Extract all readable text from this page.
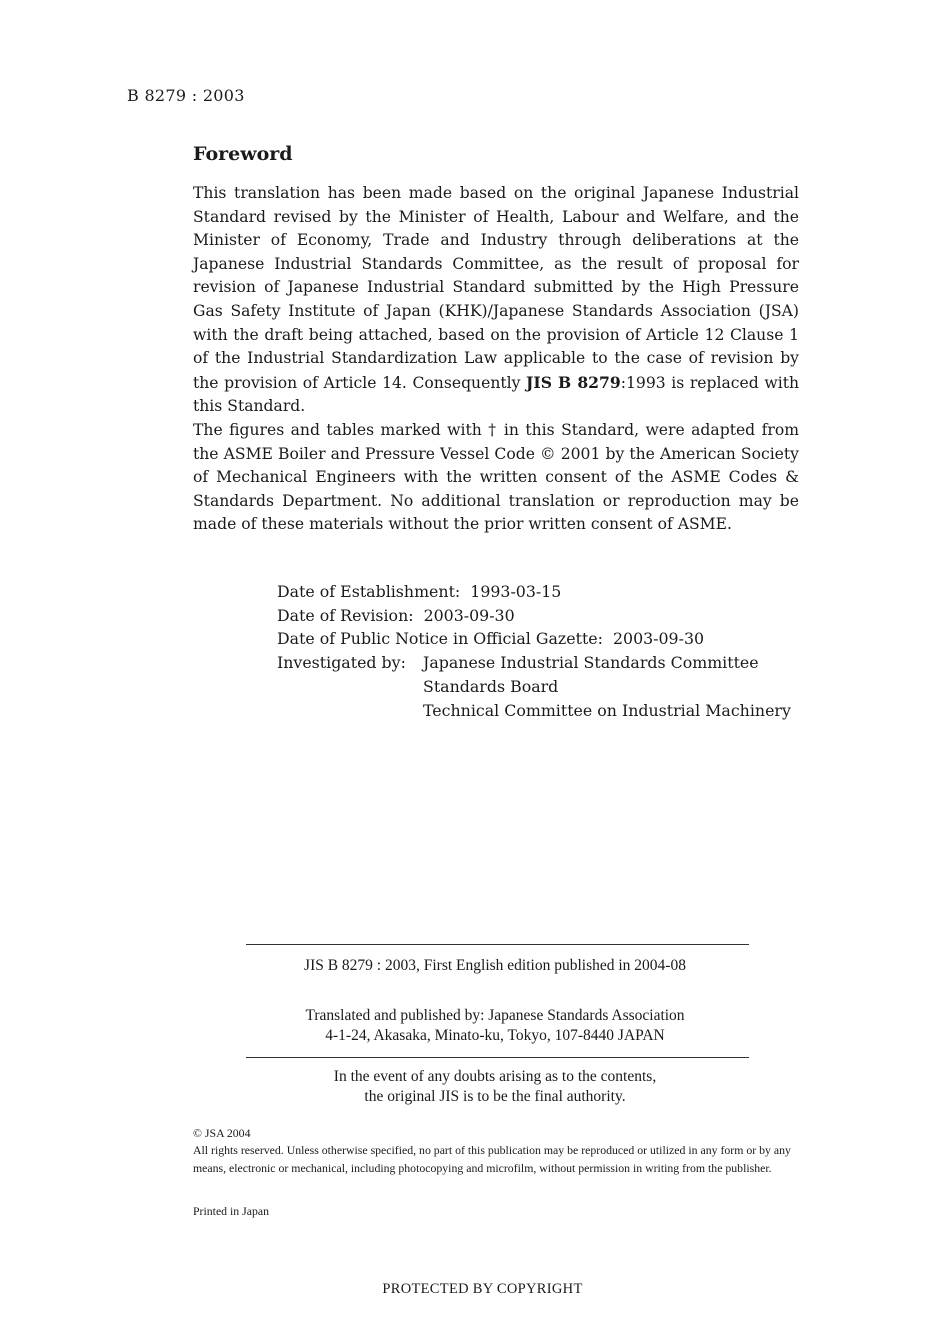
B 8279 : 2003
Foreword

This translation has been made based on the original Japanese Industrial Standard revised by the Minister of Health, Labour and Welfare, and the Minister of Economy, Trade and Industry through deliberations at the Japanese Industrial Standards Committee, as the result of proposal for revision of Japanese Industrial Standard submitted by the High Pressure Gas Safety Institute of Japan (KHK)/Japanese Standards Association (JSA) with the draft being attached, based on the provision of Article 12 Clause 1 of the Industrial Standardization Law applicable to the case of revision by the provision of Article 14. Consequently JIS B 8279:1993 is replaced with this Standard.

The figures and tables marked with † in this Standard, were adapted from the ASME Boiler and Pressure Vessel Code © 2001 by the American Society of Mechanical Engineers with the written consent of the ASME Codes & Standards Department. No additional translation or reproduction may be made of these materials without the prior written consent of ASME.

Date of Establishment: 1993-03-15
Date of Revision: 2003-09-30
Date of Public Notice in Official Gazette: 2003-09-30
Investigated by: Japanese Industrial Standards Committee
Standards Board
Technical Committee on Industrial Machinery
JIS B 8279 : 2003, First English edition published in 2004-08
Translated and published by: Japanese Standards Association
4-1-24, Akasaka, Minato-ku, Tokyo, 107-8440 JAPAN
In the event of any doubts arising as to the contents,
the original JIS is to be the final authority.
© JSA 2004
All rights reserved. Unless otherwise specified, no part of this publication may be reproduced or utilized in any form or by any means, electronic or mechanical, including photocopying and microfilm, without permission in writing from the publisher.
Printed in Japan
PROTECTED BY COPYRIGHT
